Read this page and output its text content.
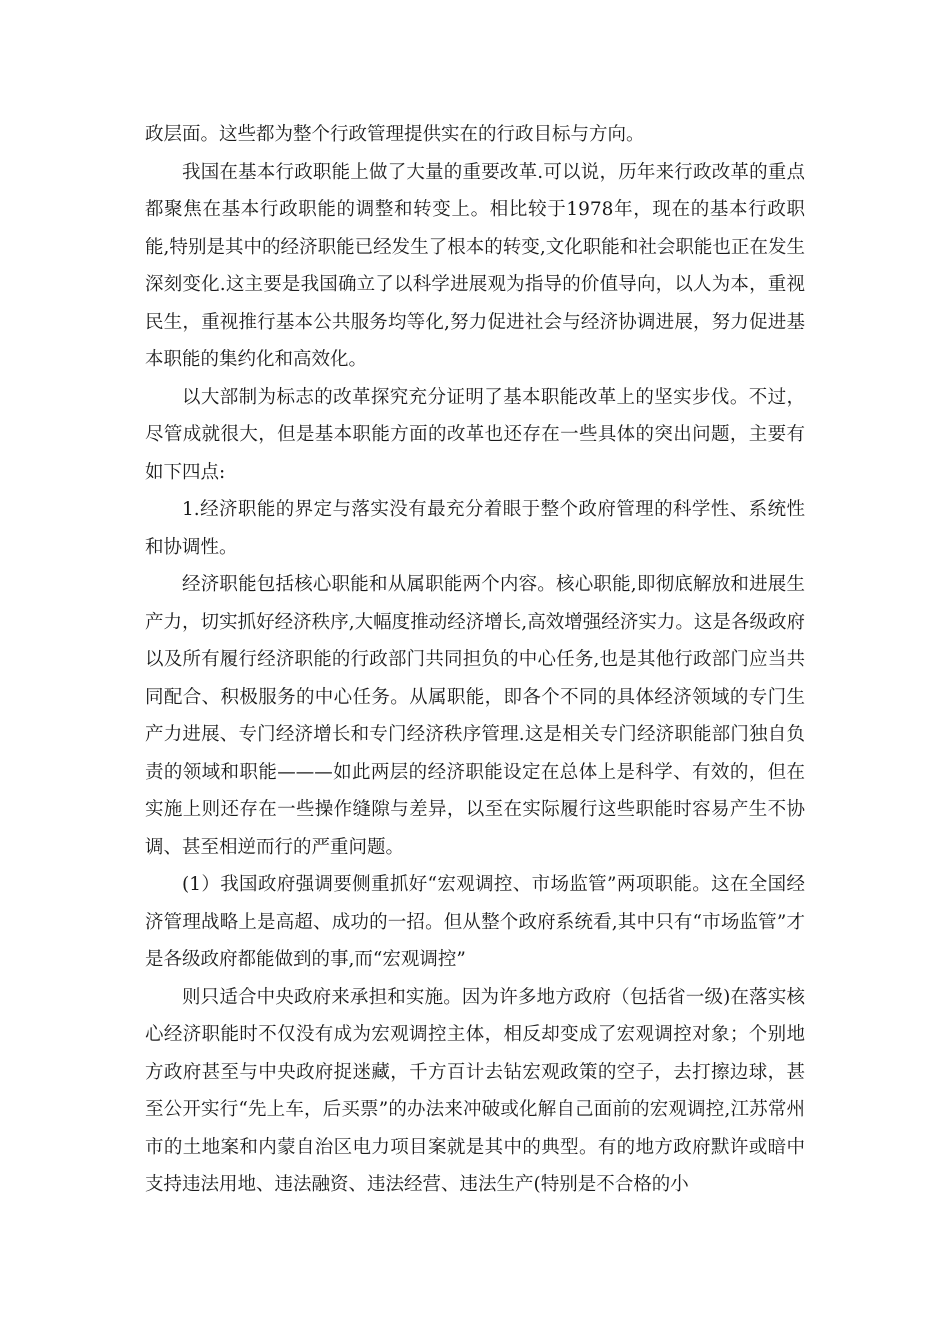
政层面。这些都为整个行政管理提供实在的行政目标与方向。

我国在基本行政职能上做了大量的重要改革.可以说，历年来行政改革的重点都聚焦在基本行政职能的调整和转变上。相比较于1978年，现在的基本行政职能,特别是其中的经济职能已经发生了根本的转变,文化职能和社会职能也正在发生深刻变化.这主要是我国确立了以科学进展观为指导的价值导向，以人为本，重视民生，重视推行基本公共服务均等化,努力促进社会与经济协调进展，努力促进基本职能的集约化和高效化。

以大部制为标志的改革探究充分证明了基本职能改革上的坚实步伐。不过，尽管成就很大，但是基本职能方面的改革也还存在一些具体的突出问题，主要有如下四点:

1.经济职能的界定与落实没有最充分着眼于整个政府管理的科学性、系统性和协调性。

经济职能包括核心职能和从属职能两个内容。核心职能,即彻底解放和进展生产力，切实抓好经济秩序,大幅度推动经济增长,高效增强经济实力。这是各级政府以及所有履行经济职能的行政部门共同担负的中心任务,也是其他行政部门应当共同配合、积极服务的中心任务。从属职能，即各个不同的具体经济领域的专门生产力进展、专门经济增长和专门经济秩序管理.这是相关专门经济职能部门独自负责的领域和职能———如此两层的经济职能设定在总体上是科学、有效的，但在实施上则还存在一些操作缝隙与差异，以至在实际履行这些职能时容易产生不协调、甚至相逆而行的严重问题。

(1）我国政府强调要侧重抓好“宏观调控、市场监管”两项职能。这在全国经济管理战略上是高超、成功的一招。但从整个政府系统看,其中只有“市场监管”才是各级政府都能做到的事,而“宏观调控”

则只适合中央政府来承担和实施。因为许多地方政府（包括省一级)在落实核心经济职能时不仅没有成为宏观调控主体，相反却变成了宏观调控对象；个别地方政府甚至与中央政府捉迷藏，千方百计去钻宏观政策的空子，去打擦边球，甚至公开实行“先上车，后买票”的办法来冲破或化解自己面前的宏观调控,江苏常州市的土地案和内蒙自治区电力项目案就是其中的典型。有的地方政府默许或暗中支持违法用地、违法融资、违法经营、违法生产(特别是不合格的小
